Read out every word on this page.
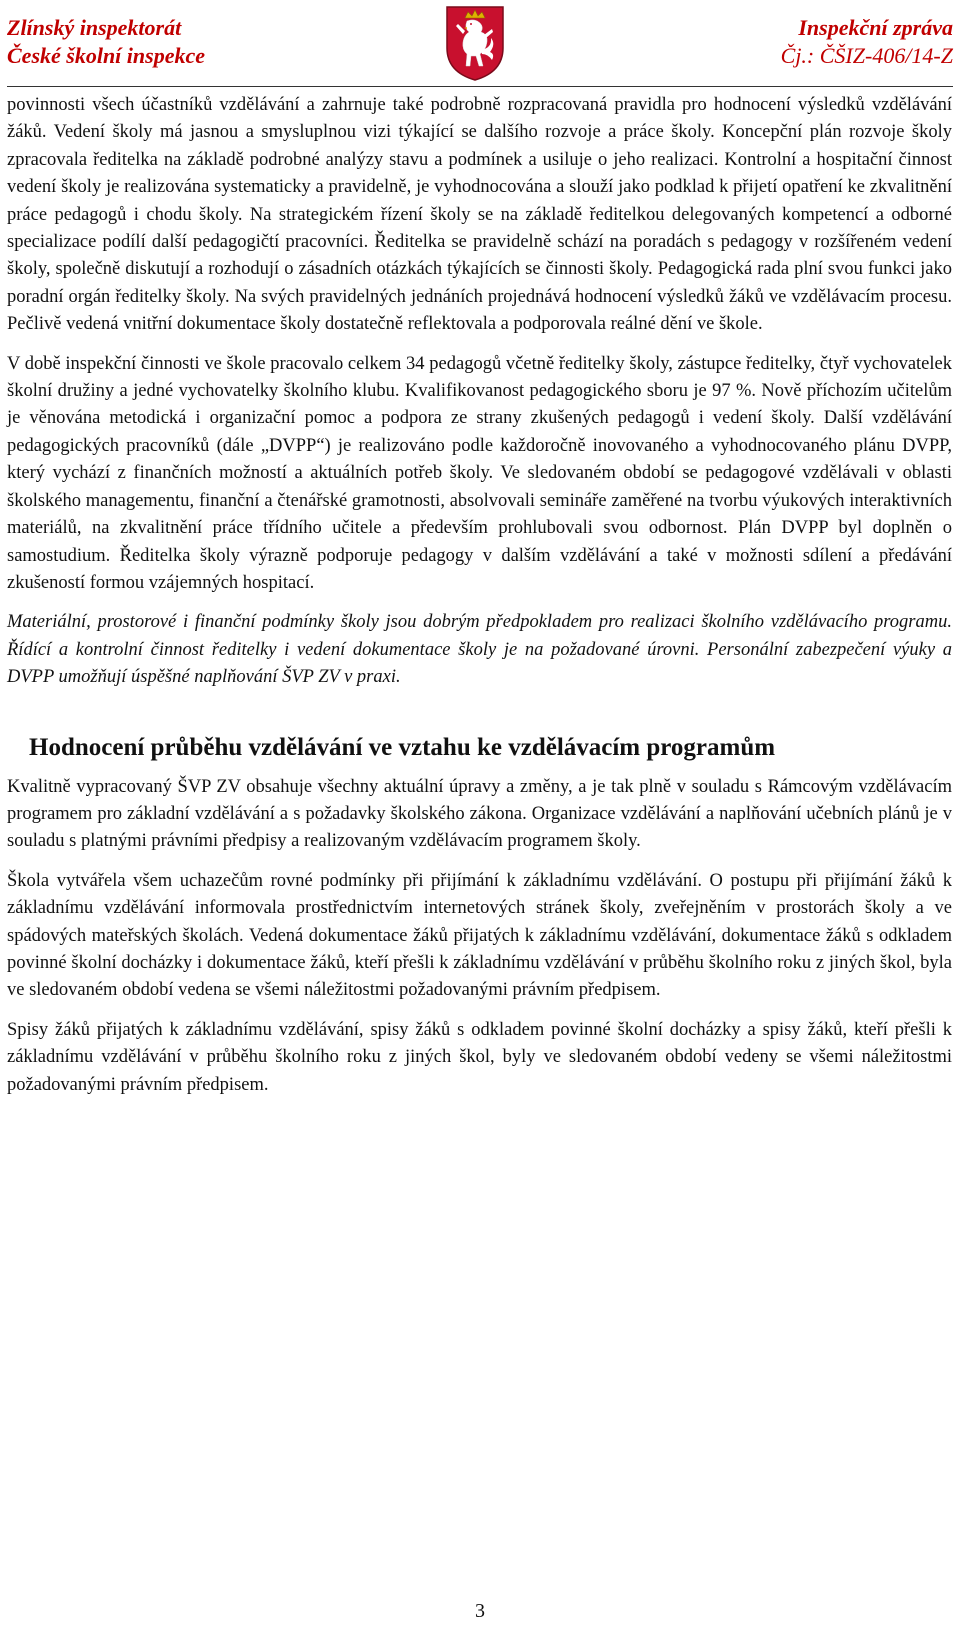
Zlínský inspektorát
České školní inspekce
Inspekční zpráva
Čj.: ČŠIZ-406/14-Z

povinnosti všech účastníků vzdělávání a zahrnuje také podrobně rozpracovaná pravidla pro hodnocení výsledků vzdělávání žáků. Vedení školy má jasnou a smysluplnou vizi týkající se dalšího rozvoje a práce školy. Koncepční plán rozvoje školy zpracovala ředitelka na základě podrobné analýzy stavu a podmínek a usiluje o jeho realizaci. Kontrolní a hospitační činnost vedení školy je realizována systematicky a pravidelně, je vyhodnocována a slouží jako podklad k přijetí opatření ke zkvalitnění práce pedagogů i chodu školy. Na strategickém řízení školy se na základě ředitelkou delegovaných kompetencí a odborné specializace podílí další pedagogičtí pracovníci. Ředitelka se pravidelně schází na poradách s pedagogy v rozšířeném vedení školy, společně diskutují a rozhodují o zásadních otázkách týkajících se činnosti školy. Pedagogická rada plní svou funkci jako poradní orgán ředitelky školy. Na svých pravidelných jednáních projednává hodnocení výsledků žáků ve vzdělávacím procesu. Pečlivě vedená vnitřní dokumentace školy dostatečně reflektovala a podporovala reálné dění ve škole.

V době inspekční činnosti ve škole pracovalo celkem 34 pedagogů včetně ředitelky školy, zástupce ředitelky, čtyř vychovatelek školní družiny a jedné vychovatelky školního klubu. Kvalifikovanost pedagogického sboru je 97 %. Nově příchozím učitelům je věnována metodická i organizační pomoc a podpora ze strany zkušených pedagogů i vedení školy. Další vzdělávání pedagogických pracovníků (dále „DVPP“) je realizováno podle každoročně inovovaného a vyhodnocovaného plánu DVPP, který vychází z finančních možností a aktuálních potřeb školy. Ve sledovaném období se pedagogové vzdělávali v oblasti školského managementu, finanční a čtenářské gramotnosti, absolvovali semináře zaměřené na tvorbu výukových interaktivních materiálů, na zkvalitnění práce třídního učitele a především prohlubovali svou odbornost. Plán DVPP byl doplněn o samostudium. Ředitelka školy výrazně podporuje pedagogy v dalším vzdělávání a také v možnosti sdílení a předávání zkušeností formou vzájemných hospitací.

Materiální, prostorové i finanční podmínky školy jsou dobrým předpokladem pro realizaci školního vzdělávacího programu. Řídící a kontrolní činnost ředitelky i vedení dokumentace školy je na požadované úrovni. Personální zabezpečení výuky a DVPP umožňují úspěšné naplňování ŠVP ZV v praxi.

Hodnocení průběhu vzdělávání ve vztahu ke vzdělávacím programům

Kvalitně vypracovaný ŠVP ZV obsahuje všechny aktuální úpravy a změny, a je tak plně v souladu s Rámcovým vzdělávacím programem pro základní vzdělávání a s požadavky školského zákona. Organizace vzdělávání a naplňování učebních plánů je v souladu s platnými právními předpisy a realizovaným vzdělávacím programem školy.

Škola vytvářela všem uchazečům rovné podmínky při přijímání k základnímu vzdělávání. O postupu při přijímání žáků k základnímu vzdělávání informovala prostřednictvím internetových stránek školy, zveřejněním v prostorách školy a ve spádových mateřských školách. Vedená dokumentace žáků přijatých k základnímu vzdělávání, dokumentace žáků s odkladem povinné školní docházky i dokumentace žáků, kteří přešli k základnímu vzdělávání v průběhu školního roku z jiných škol, byla ve sledovaném období vedena se všemi náležitostmi požadovanými právním předpisem.

Spisy žáků přijatých k základnímu vzdělávání, spisy žáků s odkladem povinné školní docházky a spisy žáků, kteří přešli k základnímu vzdělávání v průběhu školního roku z jiných škol, byly ve sledovaném období vedeny se všemi náležitostmi požadovanými právním předpisem.

3
